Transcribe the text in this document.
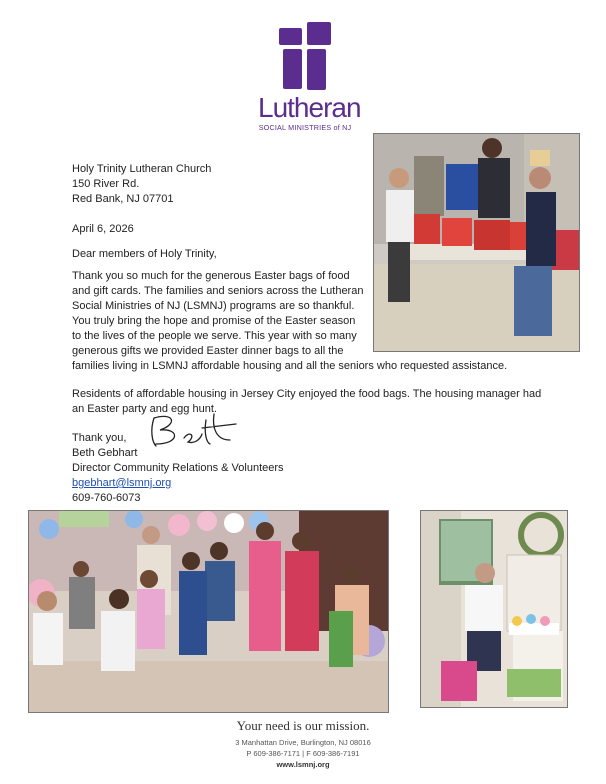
Lutheran
SOCIAL MINISTRIES of NJ
Holy Trinity Lutheran Church
150 River Rd.
Red Bank, NJ 07701
April 6, 2026
Dear members of Holy Trinity,
Thank you so much for the generous Easter bags of food
and gift cards. The families and seniors across the Lutheran
Social Ministries of NJ (LSMNJ) programs are so thankful.
You truly bring the hope and promise of the Easter season
to the lives of the people we serve. This year with so many
generous gifts we provided Easter dinner bags to all the
families living in LSMNJ affordable housing and all the seniors who requested assistance.
Residents of affordable housing in Jersey City enjoyed the food bags. The housing manager had
an Easter party and egg hunt.
Thank you,
Beth Gebhart
Director Community Relations & Volunteers
bgebhart@lsmnj.org
609-760-6073
Your need is our mission.
3 Manhattan Drive, Burlington, NJ 08016
P 609-386-7171 | F 609-386-7191
www.lsmnj.org
